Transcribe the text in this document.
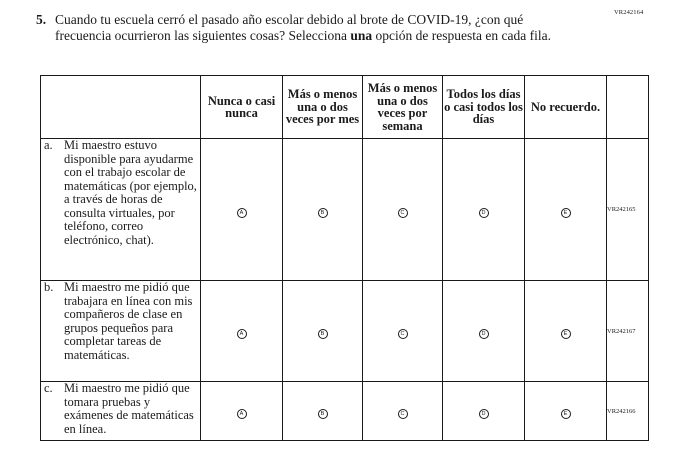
VR242164
5. Cuando tu escuela cerró el pasado año escolar debido al brote de COVID-19, ¿con qué frecuencia ocurrieron las siguientes cosas? Selecciona una opción de respuesta en cada fila.
	Nunca o casi nunca	Más o menos una o dos veces por mes	Más o menos una o dos veces por semana	Todos los días o casi todos los días	No recuerdo.	

a. Mi maestro estuvo disponible para ayudarme con el trabajo escolar de matemáticas (por ejemplo, a través de horas de consulta virtuales, por teléfono, correo electrónico, chat).	A	B	C	D	E	VR242165

b. Mi maestro me pidió que trabajara en línea con mis compañeros de clase en grupos pequeños para completar tareas de matemáticas.	A	B	C	D	E	VR242167

c. Mi maestro me pidió que tomara pruebas y exámenes de matemáticas en línea.	A	B	C	D	E	VR242166
